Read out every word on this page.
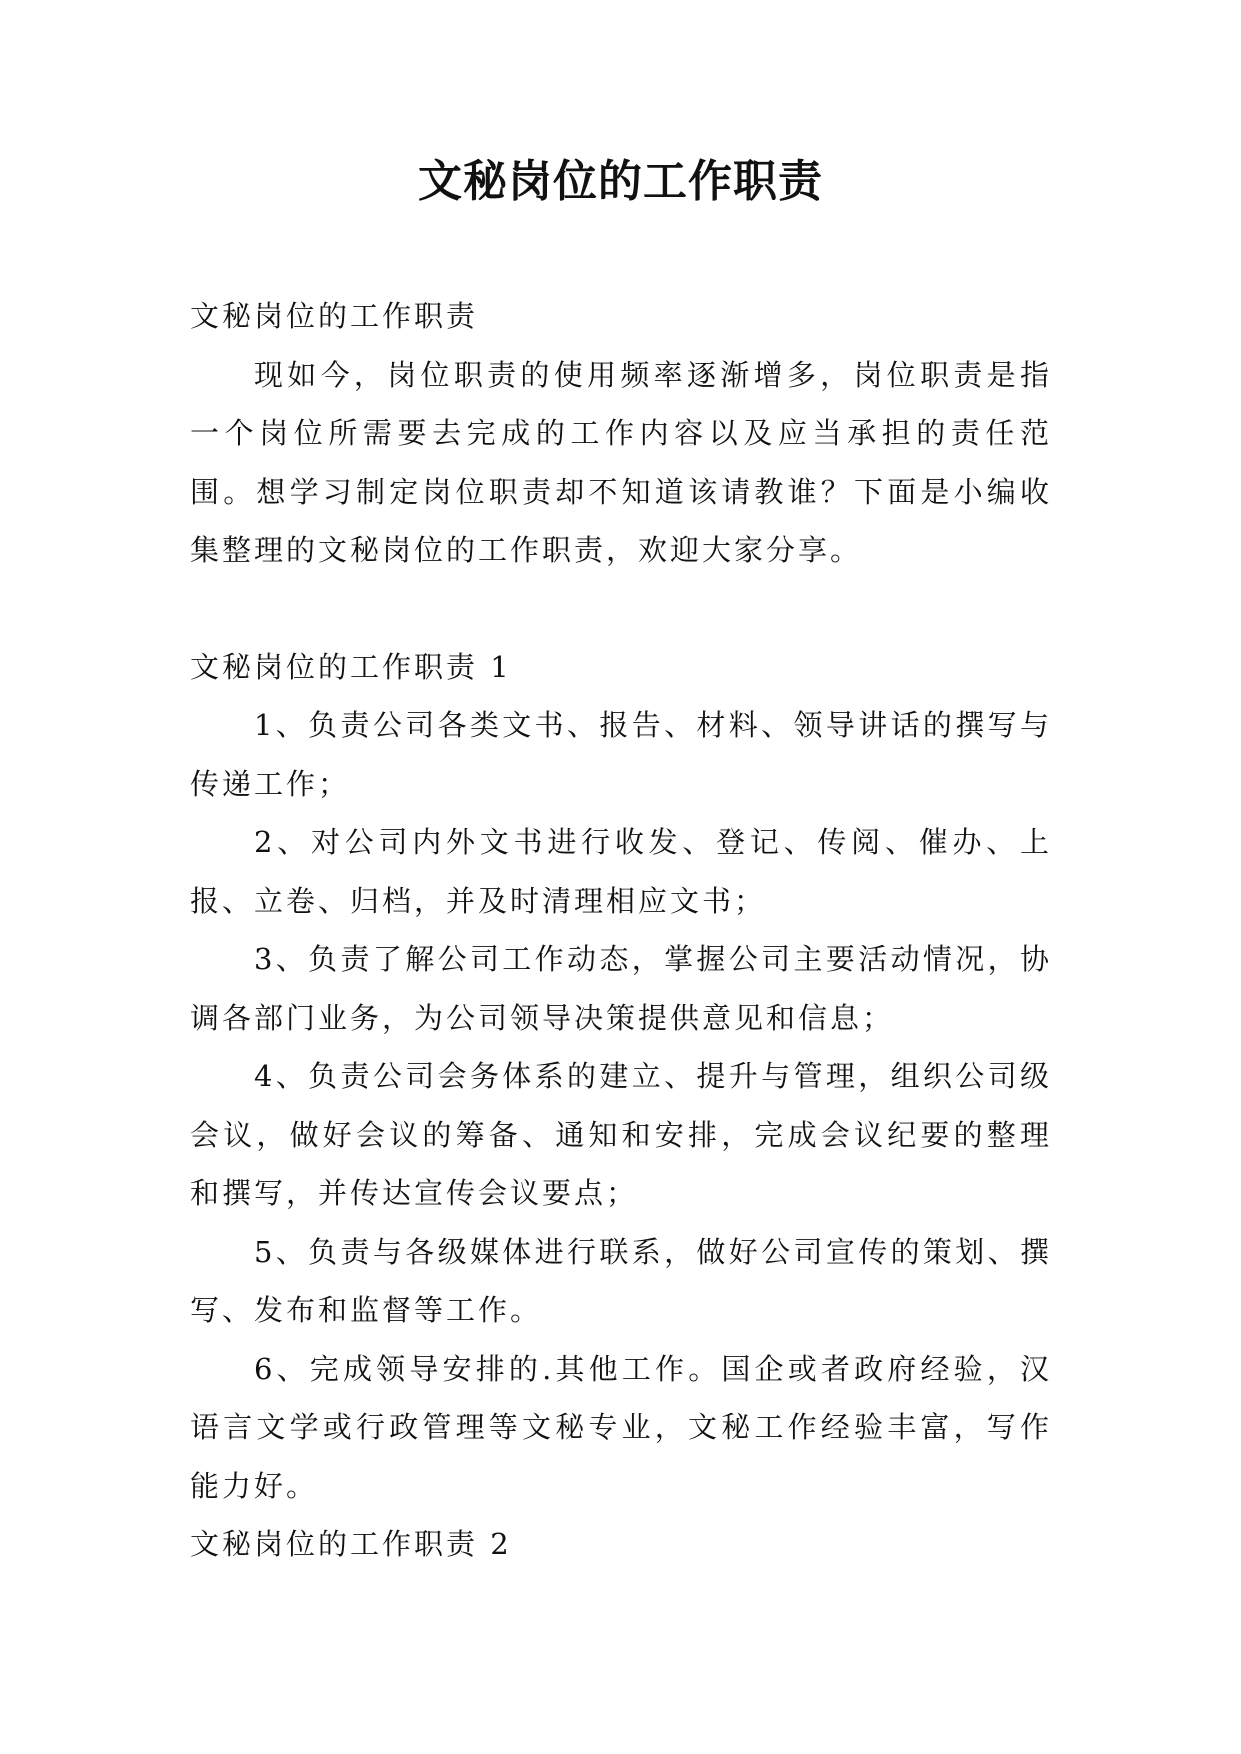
文秘岗位的工作职责

文秘岗位的工作职责

现如今，岗位职责的使用频率逐渐增多，岗位职责是指一个岗位所需要去完成的工作内容以及应当承担的责任范围。想学习制定岗位职责却不知道该请教谁？下面是小编收集整理的文秘岗位的工作职责，欢迎大家分享。

文秘岗位的工作职责 1

1、负责公司各类文书、报告、材料、领导讲话的撰写与传递工作；

2、对公司内外文书进行收发、登记、传阅、催办、上报、立卷、归档，并及时清理相应文书；

3、负责了解公司工作动态，掌握公司主要活动情况，协调各部门业务，为公司领导决策提供意见和信息；

4、负责公司会务体系的建立、提升与管理，组织公司级会议，做好会议的筹备、通知和安排，完成会议纪要的整理和撰写，并传达宣传会议要点；

5、负责与各级媒体进行联系，做好公司宣传的策划、撰写、发布和监督等工作。

6、完成领导安排的.其他工作。国企或者政府经验，汉语言文学或行政管理等文秘专业，文秘工作经验丰富，写作能力好。

文秘岗位的工作职责 2
